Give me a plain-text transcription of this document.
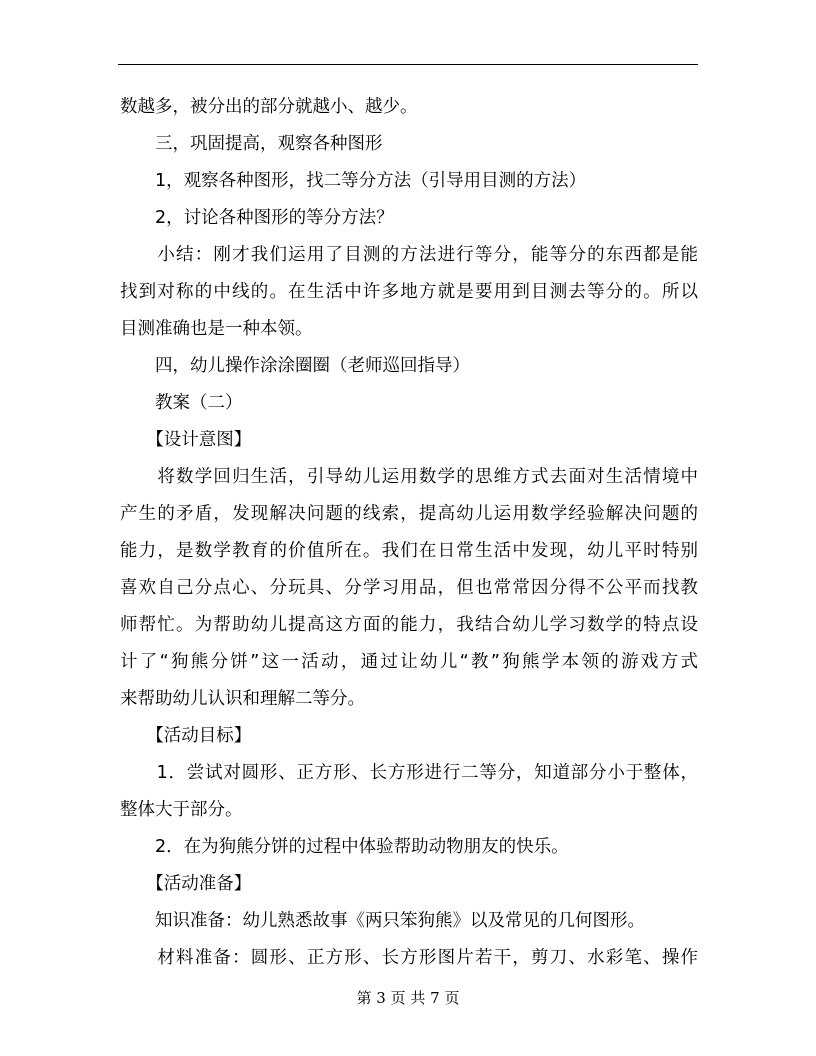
数越多，被分出的部分就越小、越少。
　　三，巩固提高，观察各种图形
　　1，观察各种图形，找二等分方法（引导用目测的方法）
　　2，讨论各种图形的等分方法？
　　小结：刚才我们运用了目测的方法进行等分，能等分的东西都是能
找到对称的中线的。在生活中许多地方就是要用到目测去等分的。所以
目测准确也是一种本领。
　　四，幼儿操作涂涂圈圈（老师巡回指导）
　　教案（二）
　　【设计意图】
　　将数学回归生活，引导幼儿运用数学的思维方式去面对生活情境中
产生的矛盾，发现解决问题的线索，提高幼儿运用数学经验解决问题的
能力，是数学教育的价值所在。我们在日常生活中发现，幼儿平时特别
喜欢自己分点心、分玩具、分学习用品，但也常常因分得不公平而找教
师帮忙。为帮助幼儿提高这方面的能力，我结合幼儿学习数学的特点设
计了“狗熊分饼”这一活动，通过让幼儿“教”狗熊学本领的游戏方式
来帮助幼儿认识和理解二等分。
　　【活动目标】
　　1．尝试对圆形、正方形、长方形进行二等分，知道部分小于整体，
整体大于部分。
　　2．在为狗熊分饼的过程中体验帮助动物朋友的快乐。
　　【活动准备】
　　知识准备：幼儿熟悉故事《两只笨狗熊》以及常见的几何图形。
　　材料准备：圆形、正方形、长方形图片若干，剪刀、水彩笔、操作
第 3 页 共 7 页
